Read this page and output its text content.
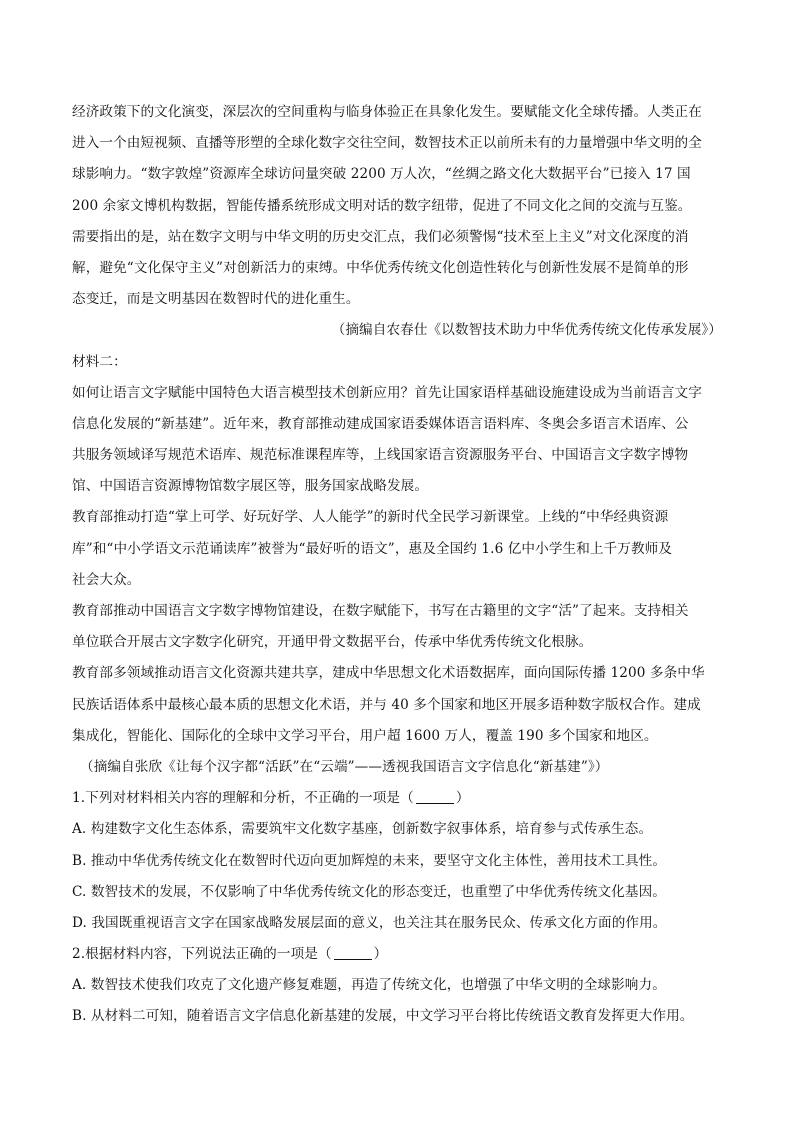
经济政策下的文化演变，深层次的空间重构与临身体验正在具象化发生。要赋能文化全球传播。人类正在
进入一个由短视频、直播等形塑的全球化数字交往空间，数智技术正以前所未有的力量增强中华文明的全
球影响力。“数字敦煌”资源库全球访问量突破 2200 万人次，“丝绸之路文化大数据平台”已接入 17 国
200 余家文博机构数据，智能传播系统形成文明对话的数字纽带，促进了不同文化之间的交流与互鉴。
需要指出的是，站在数字文明与中华文明的历史交汇点，我们必须警惕“技术至上主义”对文化深度的消
解，避免“文化保守主义”对创新活力的束缚。中华优秀传统文化创造性转化与创新性发展不是简单的形
态变迁，而是文明基因在数智时代的进化重生。
（摘编自农春仕《以数智技术助力中华优秀传统文化传承发展》）
材料二：
如何让语言文字赋能中国特色大语言模型技术创新应用？首先让国家语样基础设施建设成为当前语言文字
信息化发展的“新基建”。近年来，教育部推动建成国家语委媒体语言语料库、冬奥会多语言术语库、公
共服务领域译写规范术语库、规范标准课程库等，上线国家语言资源服务平台、中国语言文字数字博物
馆、中国语言资源博物馆数字展区等，服务国家战略发展。
教育部推动打造“掌上可学、好玩好学、人人能学”的新时代全民学习新课堂。上线的“中华经典资源
库”和“中小学语文示范诵读库”被誉为“最好听的语文”，惠及全国约 1.6 亿中小学生和上千万教师及
社会大众。
教育部推动中国语言文字数字博物馆建设，在数字赋能下，书写在古籍里的文字“活”了起来。支持相关
单位联合开展古文字数字化研究，开通甲骨文数据平台，传承中华优秀传统文化根脉。
教育部多领域推动语言文化资源共建共享，建成中华思想文化术语数据库，面向国际传播 1200 多条中华
民族话语体系中最核心最本质的思想文化术语，并与 40 多个国家和地区开展多语种数字版权合作。建成
集成化，智能化、国际化的全球中文学习平台，用户超 1600 万人，覆盖 190 多个国家和地区。
（摘编自张欣《让每个汉字都“活跃”在“云端”——透视我国语言文字信息化“新基建”》）
1.下列对材料相关内容的理解和分析，不正确的一项是（	）
A. 构建数字文化生态体系，需要筑牢文化数字基座，创新数字叙事体系，培育参与式传承生态。
B. 推动中华优秀传统文化在数智时代迈向更加辉煌的未来，要坚守文化主体性，善用技术工具性。
C. 数智技术的发展，不仅影响了中华优秀传统文化的形态变迁，也重塑了中华优秀传统文化基因。
D. 我国既重视语言文字在国家战略发展层面的意义，也关注其在服务民众、传承文化方面的作用。
2.根据材料内容，下列说法正确的一项是（	）
A. 数智技术使我们攻克了文化遗产修复难题，再造了传统文化，也增强了中华文明的全球影响力。
B. 从材料二可知，随着语言文字信息化新基建的发展，中文学习平台将比传统语文教育发挥更大作用。
